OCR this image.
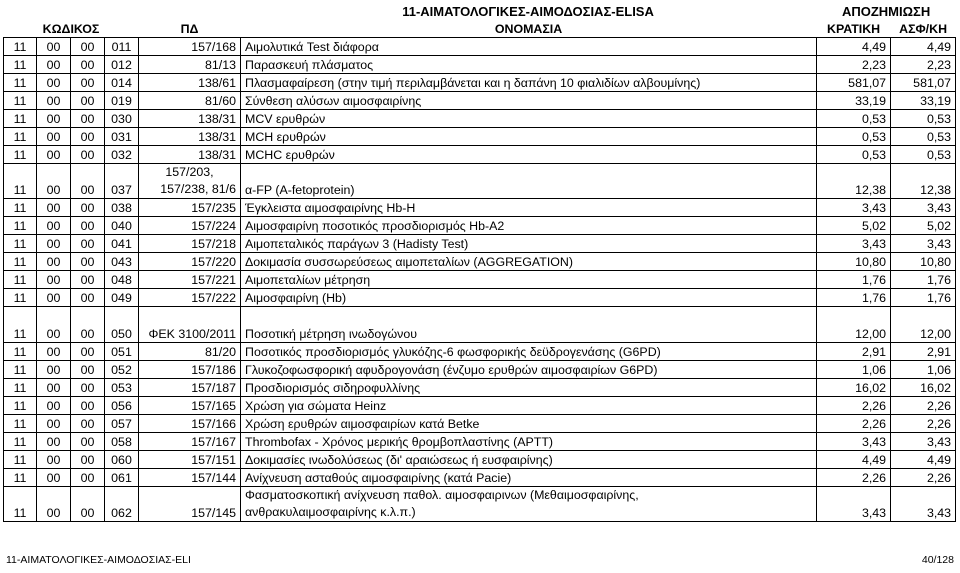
11-ΑΙΜΑΤΟΛΟΓΙΚΕΣ-ΑΙΜΟΔΟΣΙΑΣ-ELISA						ΑΠΟΖΗΜΙΩΣΗ	
ΚΩΔΙΚΟΣ				ΠΔ	ΟΝΟΜΑΣΙΑ	ΚΡΑΤΙΚΗ	ΑΣΦ/ΚΗ
11	00	00	011	157/168	Αιμολυτικά Test διάφορα	4,49	4,49
11	00	00	012	81/13	Παρασκευή πλάσματος	2,23	2,23
11	00	00	014	138/61	Πλασμαφαίρεση (στην τιμή περιλαμβάνεται και η δαπάνη 10 φιαλιδίων αλβουμίνης)	581,07	581,07
11	00	00	019	81/60	Σύνθεση αλύσων αιμοσφαιρίνης	33,19	33,19
11	00	00	030	138/31	MCV ερυθρών	0,53	0,53
11	00	00	031	138/31	MCH ερυθρών	0,53	0,53
11	00	00	032	138/31	MCHC ερυθρών	0,53	0,53
11	00	00	037	157/203,
157/238, 81/6	α-FP (A-fetoprotein)	12,38	12,38
11	00	00	038	157/235	Έγκλειστα αιμοσφαιρίνης Hb-H	3,43	3,43
11	00	00	040	157/224	Αιμοσφαιρίνη ποσοτικός προσδιορισμός Hb-A2	5,02	5,02
11	00	00	041	157/218	Αιμοπεταλικός παράγων 3 (Hadisty Test)	3,43	3,43
11	00	00	043	157/220	Δοκιμασία συσσωρεύσεως αιμοπεταλίων (AGGREGATION)	10,80	10,80
11	00	00	048	157/221	Αιμοπεταλίων μέτρηση	1,76	1,76
11	00	00	049	157/222	Αιμοσφαιρίνη (Hb)	1,76	1,76
11	00	00	050	ΦΕΚ 3100/2011	Ποσοτική μέτρηση ινωδογώνου	12,00	12,00
11	00	00	051	81/20	Ποσοτικός προσδιορισμός γλυκόζης-6 φωσφορικής δεϋδρογενάσης (G6PD)	2,91	2,91
11	00	00	052	157/186	Γλυκοζοφωσφορική αφυδρογονάση (ένζυμο ερυθρών αιμοσφαιρίων G6PD)	1,06	1,06
11	00	00	053	157/187	Προσδιορισμός σιδηροφυλλίνης	16,02	16,02
11	00	00	056	157/165	Χρώση για σώματα Heinz	2,26	2,26
11	00	00	057	157/166	Χρώση ερυθρών αιμοσφαιρίων κατά Betke	2,26	2,26
11	00	00	058	157/167	Thrombofax - Χρόνος μερικής θρομβοπλαστίνης (APTT)	3,43	3,43
11	00	00	060	157/151	Δοκιμασίες ινωδολύσεως (δι' αραιώσεως ή ευσφαιρίνης)	4,49	4,49
11	00	00	061	157/144	Ανίχνευση ασταθούς αιμοσφαιρίνης (κατά Pacie)	2,26	2,26
11	00	00	062	157/145	Φασματοσκοπική ανίχνευση παθολ. αιμοσφαιρινων (Μεθαιμοσφαιρίνης,
ανθρακυλαιμοσφαιρίνης κ.λ.π.)	3,43	3,43
11-ΑΙΜΑΤΟΛΟΓΙΚΕΣ-ΑΙΜΟΔΟΣΙΑΣ-ELI	40/128
